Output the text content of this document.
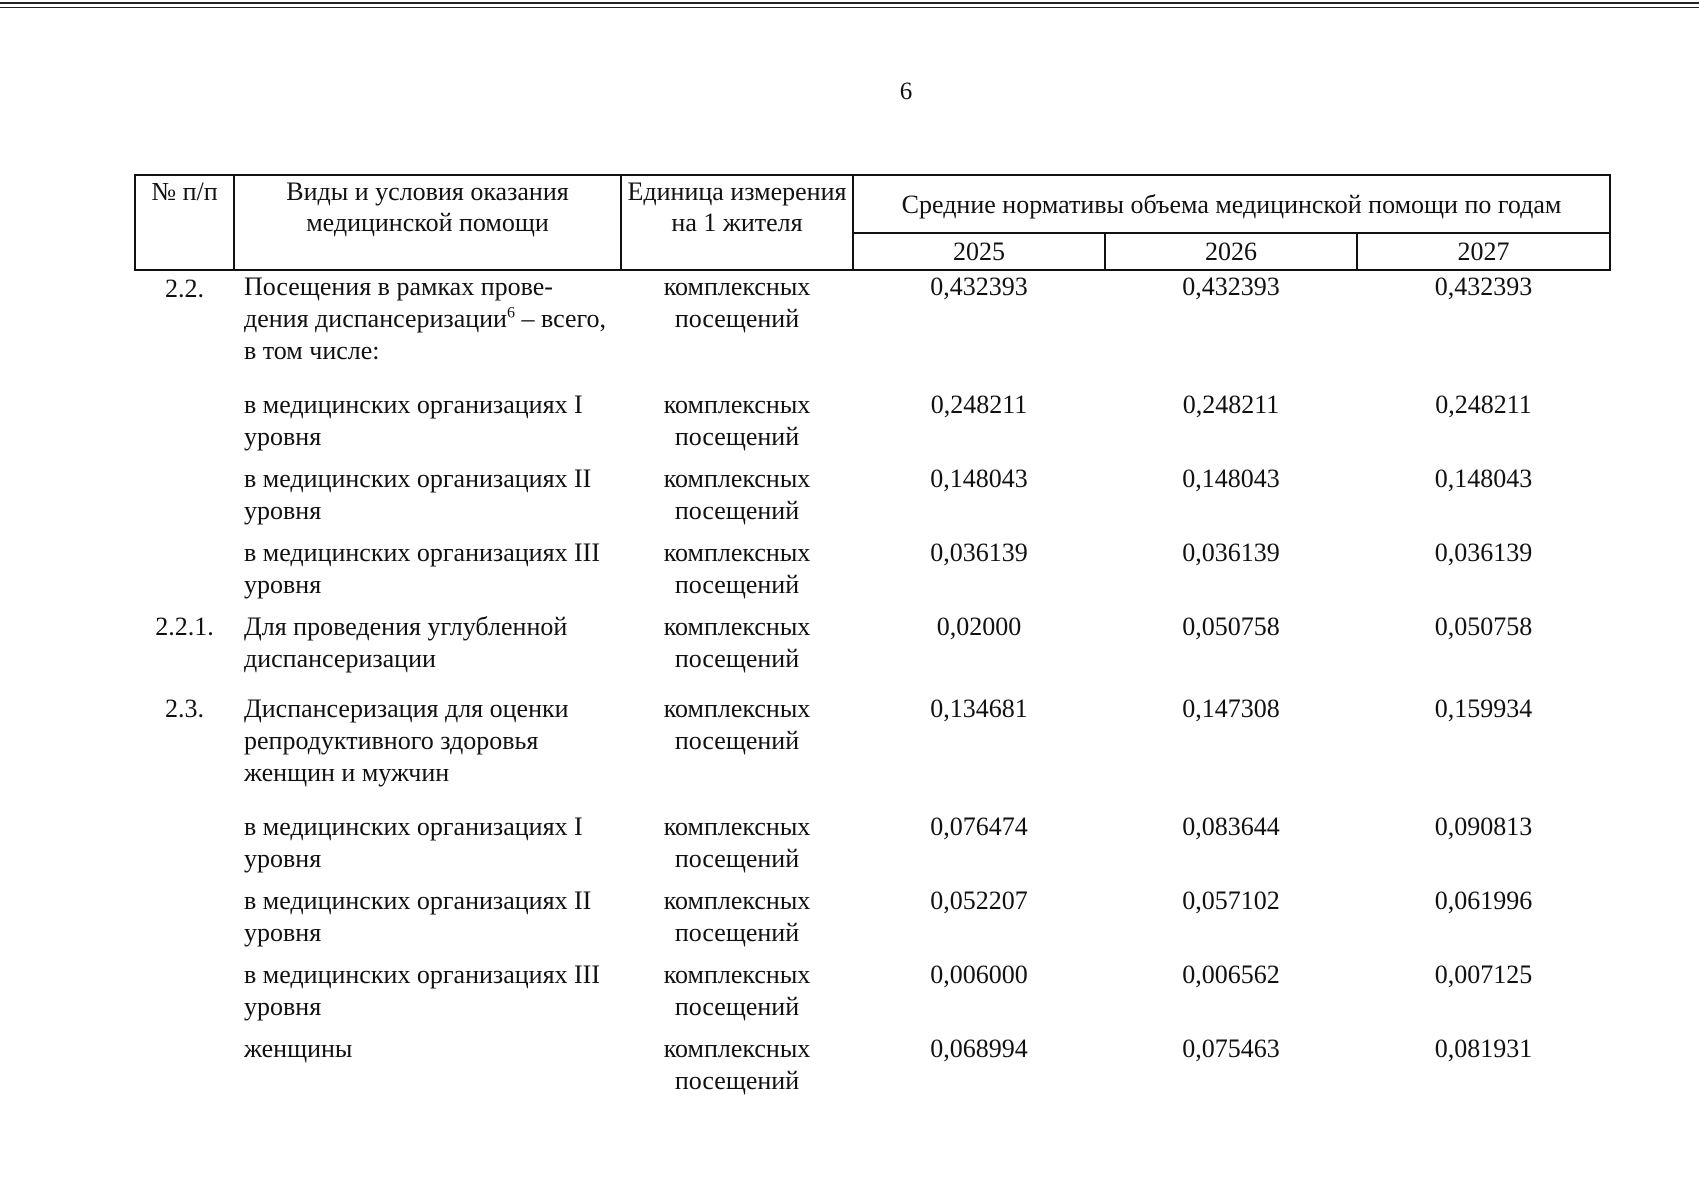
6
№ п/п	Виды и условия оказания медицинской помощи	Единица измерения на 1 жителя	Средние нормативы объема медицинской помощи по годам		
			2025	2026	2027
2.2.	Посещения в рамках прове- дения диспансеризации$^6$ – всего, в том числе:	комплексных посещений	0,432393	0,432393	0,432393

	в медицинских организациях I уровня	комплексных посещений	0,248211	0,248211	0,248211
	в медицинских организациях II уровня	комплексных посещений	0,148043	0,148043	0,148043
	в медицинских организациях III уровня	комплексных посещений	0,036139	0,036139	0,036139
2.2.1.	Для проведения углубленной диспансеризации	комплексных посещений	0,02000	0,050758	0,050758
2.3.	Диспансеризация для оценки репродуктивного здоровья женщин и мужчин	комплексных посещений	0,134681	0,147308	0,159934

	в медицинских организациях I уровня	комплексных посещений	0,076474	0,083644	0,090813
	в медицинских организациях II уровня	комплексных посещений	0,052207	0,057102	0,061996
	в медицинских организациях III уровня	комплексных посещений	0,006000	0,006562	0,007125
	женщины	комплексных посещений	0,068994	0,075463	0,081931
